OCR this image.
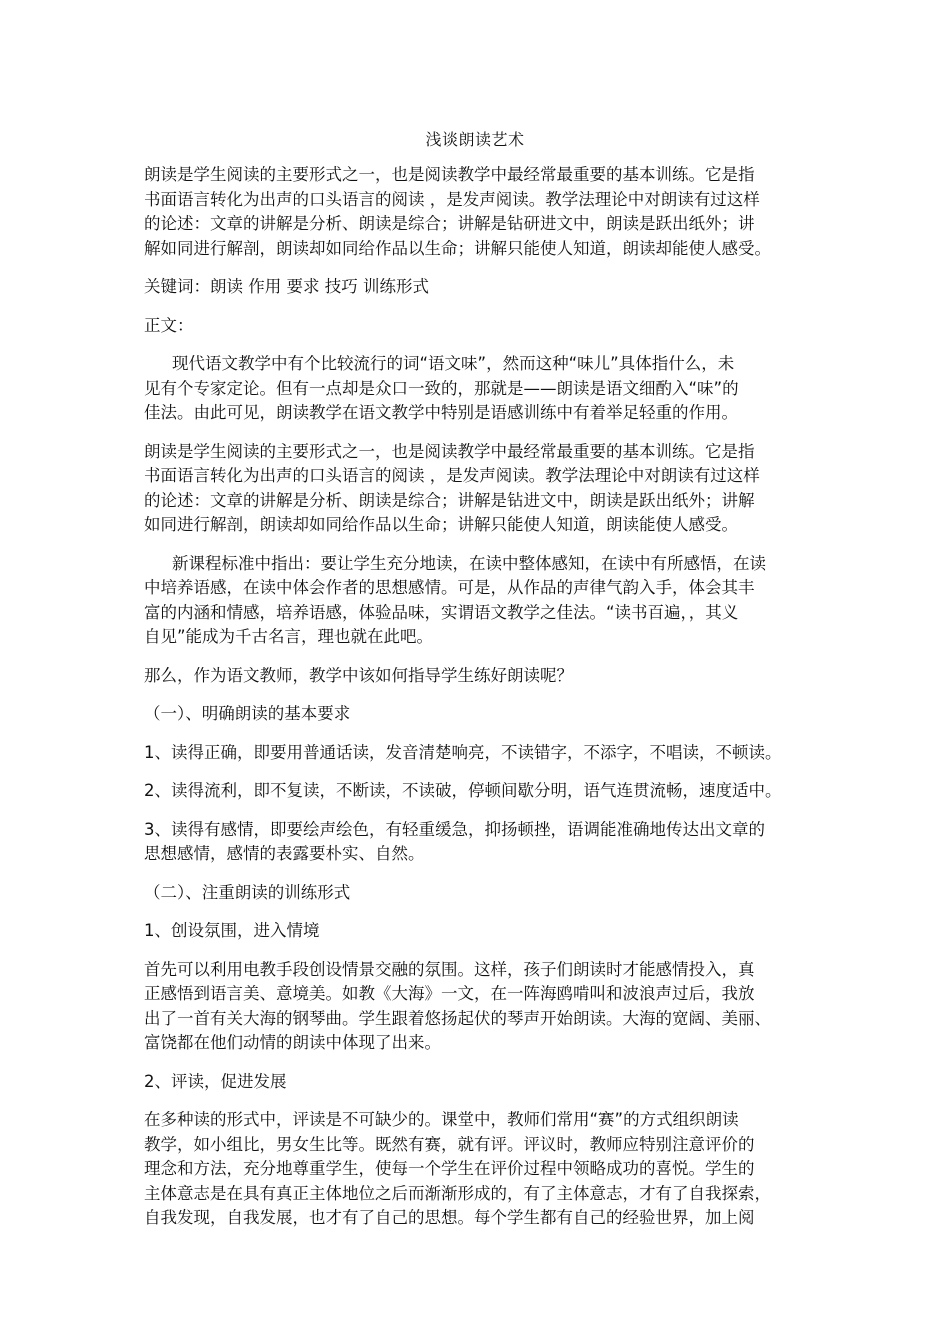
浅谈朗读艺术
朗读是学生阅读的主要形式之一，也是阅读教学中最经常最重要的基本训练。它是指
书面语言转化为出声的口头语言的阅读 ，是发声阅读。教学法理论中对朗读有过这样
的论述：文章的讲解是分析、朗读是综合；讲解是钻研进文中，朗读是跃出纸外；讲
解如同进行解剖，朗读却如同给作品以生命；讲解只能使人知道，朗读却能使人感受。
关键词：朗读 作用 要求 技巧 训练形式
正文：
现代语文教学中有个比较流行的词“语文味”，然而这种“味儿”具体指什么，未
见有个专家定论。但有一点却是众口一致的，那就是——朗读是语文细酌入“味”的
佳法。由此可见，朗读教学在语文教学中特别是语感训练中有着举足轻重的作用。
朗读是学生阅读的主要形式之一，也是阅读教学中最经常最重要的基本训练。它是指
书面语言转化为出声的口头语言的阅读 ，是发声阅读。教学法理论中对朗读有过这样
的论述：文章的讲解是分析、朗读是综合；讲解是钻进文中，朗读是跃出纸外；讲解
如同进行解剖，朗读却如同给作品以生命；讲解只能使人知道，朗读能使人感受。
新课程标准中指出：要让学生充分地读，在读中整体感知，在读中有所感悟，在读
中培养语感，在读中体会作者的思想感情。可是，从作品的声律气韵入手，体会其丰
富的内涵和情感，培养语感，体验品味，实谓语文教学之佳法。“读书百遍，，其义
自见”能成为千古名言，理也就在此吧。
那么，作为语文教师，教学中该如何指导学生练好朗读呢？
（一）、明确朗读的基本要求
1、读得正确，即要用普通话读，发音清楚响亮，不读错字，不添字，不唱读，不顿读。
2、读得流利，即不复读，不断读，不读破，停顿间歇分明，语气连贯流畅，速度适中。
3、读得有感情，即要绘声绘色，有轻重缓急，抑扬顿挫，语调能准确地传达出文章的
思想感情，感情的表露要朴实、自然。
（二）、注重朗读的训练形式
1、创设氛围，进入情境
首先可以利用电教手段创设情景交融的氛围。这样，孩子们朗读时才能感情投入，真
正感悟到语言美、意境美。如教《大海》一文，在一阵海鸥啃叫和波浪声过后，我放
出了一首有关大海的钢琴曲。学生跟着悠扬起伏的琴声开始朗读。大海的宽阔、美丽、
富饶都在他们动情的朗读中体现了出来。
2、评读，促进发展
在多种读的形式中，评读是不可缺少的。课堂中，教师们常用“赛”的方式组织朗读
教学，如小组比，男女生比等。既然有赛，就有评。评议时，教师应特别注意评价的
理念和方法，充分地尊重学生，使每一个学生在评价过程中领略成功的喜悦。学生的
主体意志是在具有真正主体地位之后而渐渐形成的，有了主体意志，才有了自我探索，
自我发现，自我发展，也才有了自己的思想。每个学生都有自己的经验世界，加上阅
